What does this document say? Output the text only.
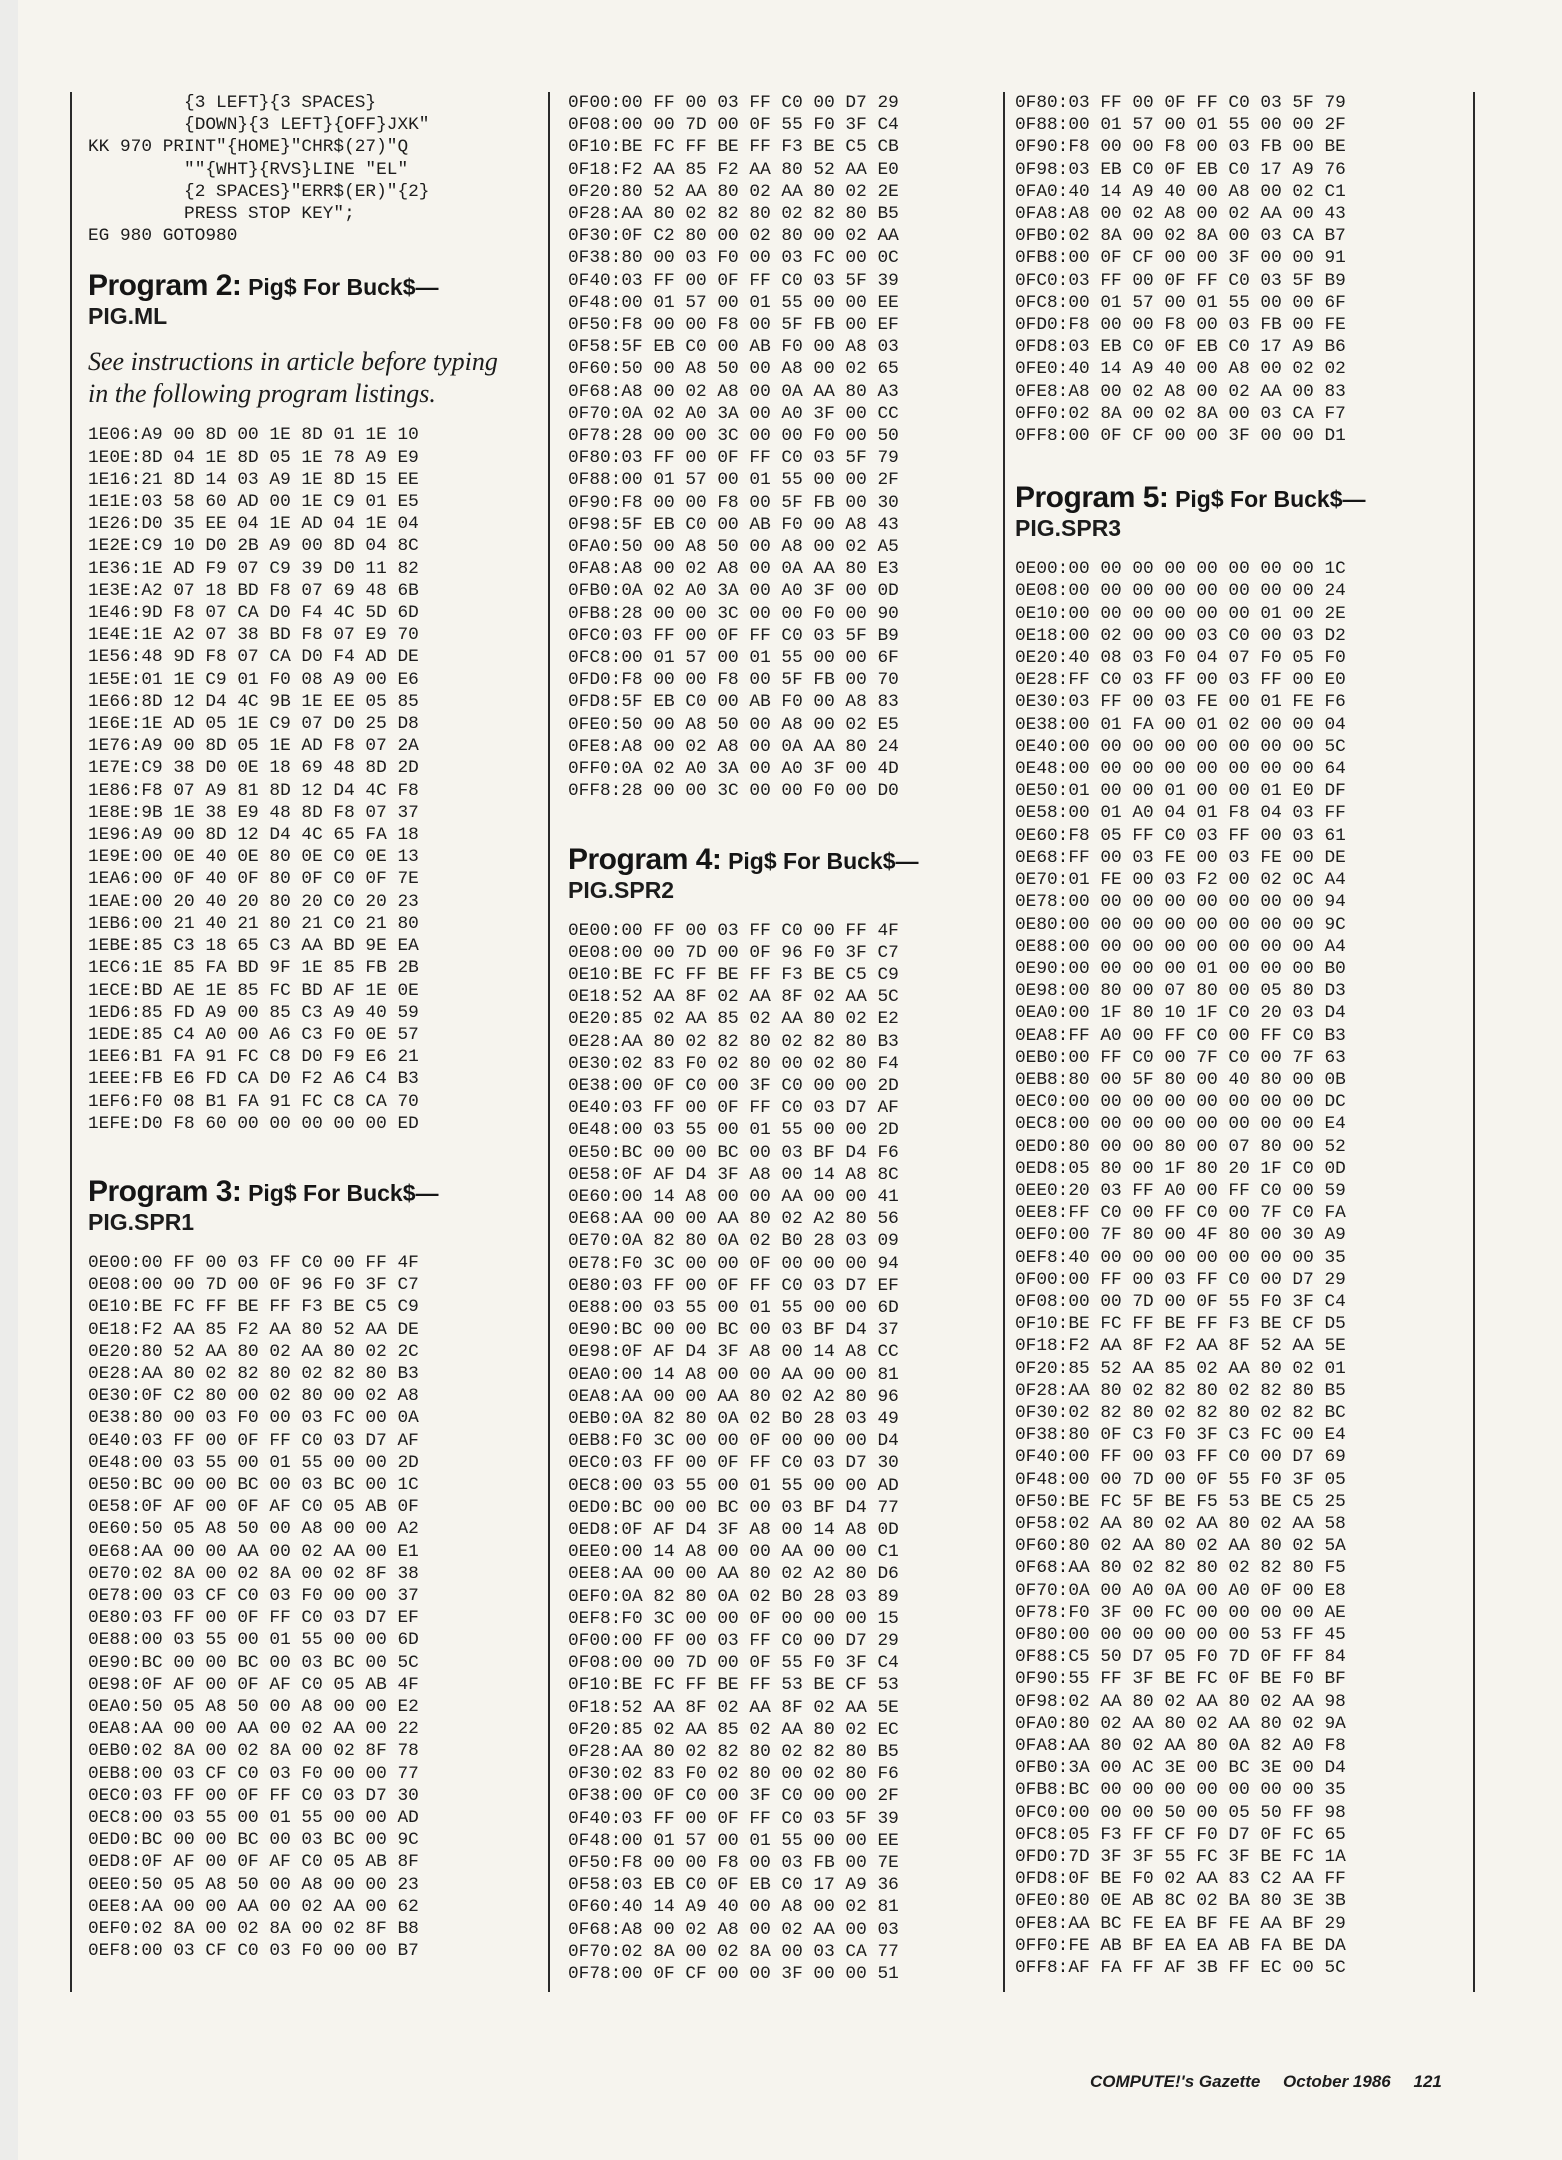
{3 LEFT}{3 SPACES}
{DOWN}{3 LEFT}{OFF}JXK"
KK 970 PRINT"{HOME}"CHR$(27)"Q
""{WHT}{RVS}LINE "EL"
{2 SPACES}"ERR$(ER)"{2}
PRESS STOP KEY";
EG 980 GOTO980
Program 2: Pig$ For Buck$—
PIG.ML

See instructions in article before typing in the following program listings.

1E06:A9 00 8D 00 1E 8D 01 1E 10
1E0E:8D 04 1E 8D 05 1E 78 A9 E9
1E16:21 8D 14 03 A9 1E 8D 15 EE
1E1E:03 58 60 AD 00 1E C9 01 E5
1E26:D0 35 EE 04 1E AD 04 1E 04
1E2E:C9 10 D0 2B A9 00 8D 04 8C
1E36:1E AD F9 07 C9 39 D0 11 82
1E3E:A2 07 18 BD F8 07 69 48 6B
1E46:9D F8 07 CA D0 F4 4C 5D 6D
1E4E:1E A2 07 38 BD F8 07 E9 70
1E56:48 9D F8 07 CA D0 F4 AD DE
1E5E:01 1E C9 01 F0 08 A9 00 E6
1E66:8D 12 D4 4C 9B 1E EE 05 85
1E6E:1E AD 05 1E C9 07 D0 25 D8
1E76:A9 00 8D 05 1E AD F8 07 2A
1E7E:C9 38 D0 0E 18 69 48 8D 2D
1E86:F8 07 A9 81 8D 12 D4 4C F8
1E8E:9B 1E 38 E9 48 8D F8 07 37
1E96:A9 00 8D 12 D4 4C 65 FA 18
1E9E:00 0E 40 0E 80 0E C0 0E 13
1EA6:00 0F 40 0F 80 0F C0 0F 7E
1EAE:00 20 40 20 80 20 C0 20 23
1EB6:00 21 40 21 80 21 C0 21 80
1EBE:85 C3 18 65 C3 AA BD 9E EA
1EC6:1E 85 FA BD 9F 1E 85 FB 2B
1ECE:BD AE 1E 85 FC BD AF 1E 0E
1ED6:85 FD A9 00 85 C3 A9 40 59
1EDE:85 C4 A0 00 A6 C3 F0 0E 57
1EE6:B1 FA 91 FC C8 D0 F9 E6 21
1EEE:FB E6 FD CA D0 F2 A6 C4 B3
1EF6:F0 08 B1 FA 91 FC C8 CA 70
1EFE:D0 F8 60 00 00 00 00 00 ED
Program 3: Pig$ For Buck$—
PIG.SPR1
0E00:00 FF 00 03 FF C0 00 FF 4F
0E08:00 00 7D 00 0F 96 F0 3F C7
0E10:BE FC FF BE FF F3 BE C5 C9
0E18:F2 AA 85 F2 AA 80 52 AA DE
0E20:80 52 AA 80 02 AA 80 02 2C
0E28:AA 80 02 82 80 02 82 80 B3
0E30:0F C2 80 00 02 80 00 02 A8
0E38:80 00 03 F0 00 03 FC 00 0A
0E40:03 FF 00 0F FF C0 03 D7 AF
0E48:00 03 55 00 01 55 00 00 2D
0E50:BC 00 00 BC 00 03 BC 00 1C
0E58:0F AF 00 0F AF C0 05 AB 0F
0E60:50 05 A8 50 00 A8 00 00 A2
0E68:AA 00 00 AA 00 02 AA 00 E1
0E70:02 8A 00 02 8A 00 02 8F 38
0E78:00 03 CF C0 03 F0 00 00 37
0E80:03 FF 00 0F FF C0 03 D7 EF
0E88:00 03 55 00 01 55 00 00 6D
0E90:BC 00 00 BC 00 03 BC 00 5C
0E98:0F AF 00 0F AF C0 05 AB 4F
0EA0:50 05 A8 50 00 A8 00 00 E2
0EA8:AA 00 00 AA 00 02 AA 00 22
0EB0:02 8A 00 02 8A 00 02 8F 78
0EB8:00 03 CF C0 03 F0 00 00 77
0EC0:03 FF 00 0F FF C0 03 D7 30
0EC8:00 03 55 00 01 55 00 00 AD
0ED0:BC 00 00 BC 00 03 BC 00 9C
0ED8:0F AF 00 0F AF C0 05 AB 8F
0EE0:50 05 A8 50 00 A8 00 00 23
0EE8:AA 00 00 AA 00 02 AA 00 62
0EF0:02 8A 00 02 8A 00 02 8F B8
0EF8:00 03 CF C0 03 F0 00 00 B7
0F00:00 FF 00 03 FF C0 00 D7 29
0F08:00 00 7D 00 0F 55 F0 3F C4
0F10:BE FC FF BE FF F3 BE C5 CB
0F18:F2 AA 85 F2 AA 80 52 AA E0
0F20:80 52 AA 80 02 AA 80 02 2E
0F28:AA 80 02 82 80 02 82 80 B5
0F30:0F C2 80 00 02 80 00 02 AA
0F38:80 00 03 F0 00 03 FC 00 0C
0F40:03 FF 00 0F FF C0 03 5F 39
0F48:00 01 57 00 01 55 00 00 EE
0F50:F8 00 00 F8 00 5F FB 00 EF
0F58:5F EB C0 00 AB F0 00 A8 03
0F60:50 00 A8 50 00 A8 00 02 65
0F68:A8 00 02 A8 00 0A AA 80 A3
0F70:0A 02 A0 3A 00 A0 3F 00 CC
0F78:28 00 00 3C 00 00 F0 00 50
0F80:03 FF 00 0F FF C0 03 5F 79
0F88:00 01 57 00 01 55 00 00 2F
0F90:F8 00 00 F8 00 5F FB 00 30
0F98:5F EB C0 00 AB F0 00 A8 43
0FA0:50 00 A8 50 00 A8 00 02 A5
0FA8:A8 00 02 A8 00 0A AA 80 E3
0FB0:0A 02 A0 3A 00 A0 3F 00 0D
0FB8:28 00 00 3C 00 00 F0 00 90
0FC0:03 FF 00 0F FF C0 03 5F B9
0FC8:00 01 57 00 01 55 00 00 6F
0FD0:F8 00 00 F8 00 5F FB 00 70
0FD8:5F EB C0 00 AB F0 00 A8 83
0FE0:50 00 A8 50 00 A8 00 02 E5
0FE8:A8 00 02 A8 00 0A AA 80 24
0FF0:0A 02 A0 3A 00 A0 3F 00 4D
0FF8:28 00 00 3C 00 00 F0 00 D0
Program 4: Pig$ For Buck$—
PIG.SPR2
0E00:00 FF 00 03 FF C0 00 FF 4F
0E08:00 00 7D 00 0F 96 F0 3F C7
0E10:BE FC FF BE FF F3 BE C5 C9
0E18:52 AA 8F 02 AA 8F 02 AA 5C
0E20:85 02 AA 85 02 AA 80 02 E2
0E28:AA 80 02 82 80 02 82 80 B3
0E30:02 83 F0 02 80 00 02 80 F4
0E38:00 0F C0 00 3F C0 00 00 2D
0E40:03 FF 00 0F FF C0 03 D7 AF
0E48:00 03 55 00 01 55 00 00 2D
0E50:BC 00 00 BC 00 03 BF D4 F6
0E58:0F AF D4 3F A8 00 14 A8 8C
0E60:00 14 A8 00 00 AA 00 00 41
0E68:AA 00 00 AA 80 02 A2 80 56
0E70:0A 82 80 0A 02 B0 28 03 09
0E78:F0 3C 00 00 0F 00 00 00 94
0E80:03 FF 00 0F FF C0 03 D7 EF
0E88:00 03 55 00 01 55 00 00 6D
0E90:BC 00 00 BC 00 03 BF D4 37
0E98:0F AF D4 3F A8 00 14 A8 CC
0EA0:00 14 A8 00 00 AA 00 00 81
0EA8:AA 00 00 AA 80 02 A2 80 96
0EB0:0A 82 80 0A 02 B0 28 03 49
0EB8:F0 3C 00 00 0F 00 00 00 D4
0EC0:03 FF 00 0F FF C0 03 D7 30
0EC8:00 03 55 00 01 55 00 00 AD
0ED0:BC 00 00 BC 00 03 BF D4 77
0ED8:0F AF D4 3F A8 00 14 A8 0D
0EE0:00 14 A8 00 00 AA 00 00 C1
0EE8:AA 00 00 AA 80 02 A2 80 D6
0EF0:0A 82 80 0A 02 B0 28 03 89
0EF8:F0 3C 00 00 0F 00 00 00 15
0F00:00 FF 00 03 FF C0 00 D7 29
0F08:00 00 7D 00 0F 55 F0 3F C4
0F10:BE FC FF BE FF 53 BE CF 53
0F18:52 AA 8F 02 AA 8F 02 AA 5E
0F20:85 02 AA 85 02 AA 80 02 EC
0F28:AA 80 02 82 80 02 82 80 B5
0F30:02 83 F0 02 80 00 02 80 F6
0F38:00 0F C0 00 3F C0 00 00 2F
0F40:03 FF 00 0F FF C0 03 5F 39
0F48:00 01 57 00 01 55 00 00 EE
0F50:F8 00 00 F8 00 03 FB 00 7E
0F58:03 EB C0 0F EB C0 17 A9 36
0F60:40 14 A9 40 00 A8 00 02 81
0F68:A8 00 02 A8 00 02 AA 00 03
0F70:02 8A 00 02 8A 00 03 CA 77
0F78:00 0F CF 00 00 3F 00 00 51
0F80:03 FF 00 0F FF C0 03 5F 79
0F88:00 01 57 00 01 55 00 00 2F
0F90:F8 00 00 F8 00 03 FB 00 BE
0F98:03 EB C0 0F EB C0 17 A9 76
0FA0:40 14 A9 40 00 A8 00 02 C1
0FA8:A8 00 02 A8 00 02 AA 00 43
0FB0:02 8A 00 02 8A 00 03 CA B7
0FB8:00 0F CF 00 00 3F 00 00 91
0FC0:03 FF 00 0F FF C0 03 5F B9
0FC8:00 01 57 00 01 55 00 00 6F
0FD0:F8 00 00 F8 00 03 FB 00 FE
0FD8:03 EB C0 0F EB C0 17 A9 B6
0FE0:40 14 A9 40 00 A8 00 02 02
0FE8:A8 00 02 A8 00 02 AA 00 83
0FF0:02 8A 00 02 8A 00 03 CA F7
0FF8:00 0F CF 00 00 3F 00 00 D1
Program 5: Pig$ For Buck$—
PIG.SPR3
0E00:00 00 00 00 00 00 00 00 1C
0E08:00 00 00 00 00 00 00 00 24
0E10:00 00 00 00 00 00 01 00 2E
0E18:00 02 00 00 03 C0 00 03 D2
0E20:40 08 03 F0 04 07 F0 05 F0
0E28:FF C0 03 FF 00 03 FF 00 E0
0E30:03 FF 00 03 FE 00 01 FE F6
0E38:00 01 FA 00 01 02 00 00 04
0E40:00 00 00 00 00 00 00 00 5C
0E48:00 00 00 00 00 00 00 00 64
0E50:01 00 00 01 00 00 01 E0 DF
0E58:00 01 A0 04 01 F8 04 03 FF
0E60:F8 05 FF C0 03 FF 00 03 61
0E68:FF 00 03 FE 00 03 FE 00 DE
0E70:01 FE 00 03 F2 00 02 0C A4
0E78:00 00 00 00 00 00 00 00 94
0E80:00 00 00 00 00 00 00 00 9C
0E88:00 00 00 00 00 00 00 00 A4
0E90:00 00 00 00 01 00 00 00 B0
0E98:00 80 00 07 80 00 05 80 D3
0EA0:00 1F 80 10 1F C0 20 03 D4
0EA8:FF A0 00 FF C0 00 FF C0 B3
0EB0:00 FF C0 00 7F C0 00 7F 63
0EB8:80 00 5F 80 00 40 80 00 0B
0EC0:00 00 00 00 00 00 00 00 DC
0EC8:00 00 00 00 00 00 00 00 E4
0ED0:80 00 00 80 00 07 80 00 52
0ED8:05 80 00 1F 80 20 1F C0 0D
0EE0:20 03 FF A0 00 FF C0 00 59
0EE8:FF C0 00 FF C0 00 7F C0 FA
0EF0:00 7F 80 00 4F 80 00 30 A9
0EF8:40 00 00 00 00 00 00 00 35
0F00:00 FF 00 03 FF C0 00 D7 29
0F08:00 00 7D 00 0F 55 F0 3F C4
0F10:BE FC FF BE FF F3 BE CF D5
0F18:F2 AA 8F F2 AA 8F 52 AA 5E
0F20:85 52 AA 85 02 AA 80 02 01
0F28:AA 80 02 82 80 02 82 80 B5
0F30:02 82 80 02 82 80 02 82 BC
0F38:80 0F C3 F0 3F C3 FC 00 E4
0F40:00 FF 00 03 FF C0 00 D7 69
0F48:00 00 7D 00 0F 55 F0 3F 05
0F50:BE FC 5F BE F5 53 BE C5 25
0F58:02 AA 80 02 AA 80 02 AA 58
0F60:80 02 AA 80 02 AA 80 02 5A
0F68:AA 80 02 82 80 02 82 80 F5
0F70:0A 00 A0 0A 00 A0 0F 00 E8
0F78:F0 3F 00 FC 00 00 00 00 AE
0F80:00 00 00 00 00 00 53 FF 45
0F88:C5 50 D7 05 F0 7D 0F FF 84
0F90:55 FF 3F BE FC 0F BE F0 BF
0F98:02 AA 80 02 AA 80 02 AA 98
0FA0:80 02 AA 80 02 AA 80 02 9A
0FA8:AA 80 02 AA 80 0A 82 A0 F8
0FB0:3A 00 AC 3E 00 BC 3E 00 D4
0FB8:BC 00 00 00 00 00 00 00 35
0FC0:00 00 00 50 00 05 50 FF 98
0FC8:05 F3 FF CF F0 D7 0F FC 65
0FD0:7D 3F 3F 55 FC 3F BE FC 1A
0FD8:0F BE F0 02 AA 83 C2 AA FF
0FE0:80 0E AB 8C 02 BA 80 3E 3B
0FE8:AA BC FE EA BF FE AA BF 29
0FF0:FE AB BF EA EA AB FA BE DA
0FF8:AF FA FF AF 3B FF EC 00 5C
COMPUTE!'s Gazette October 1986 121
